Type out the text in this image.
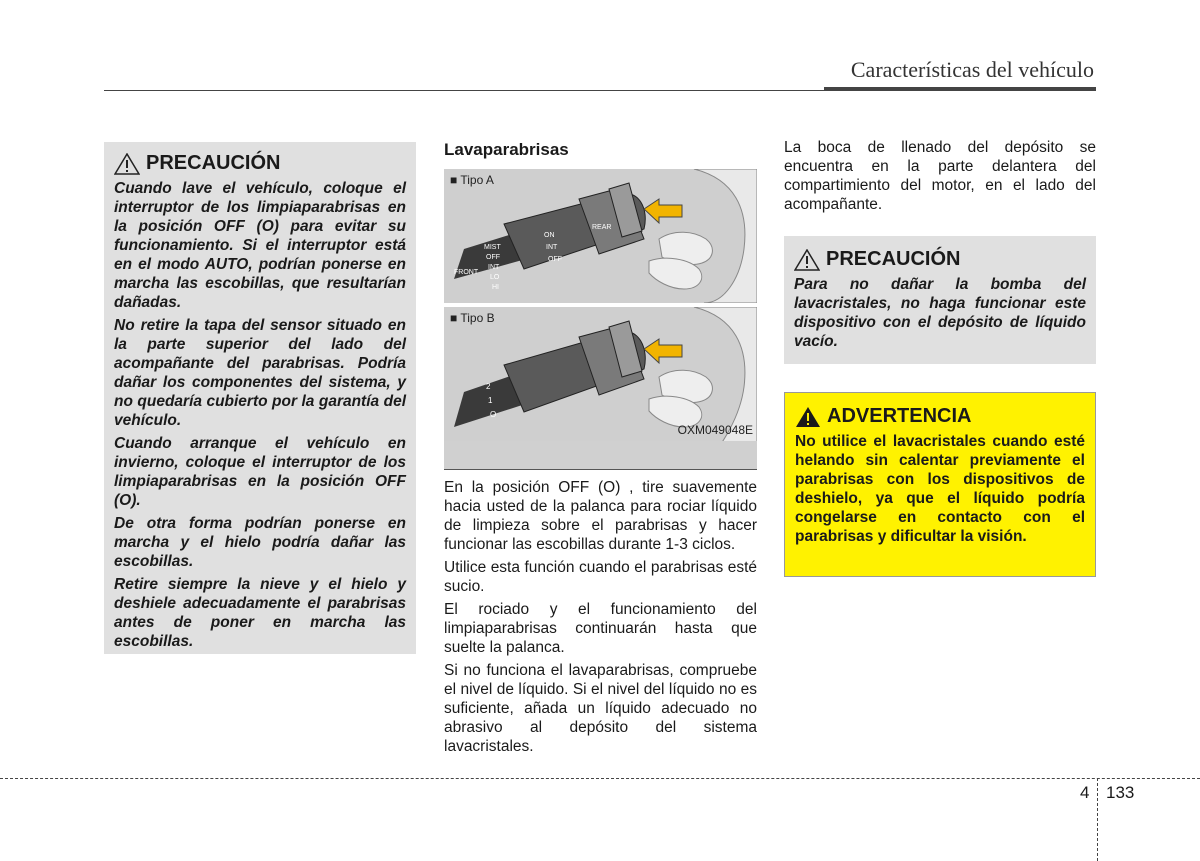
Características del vehículo
PRECAUCIÓN

Cuando lave el vehículo, coloque el interruptor de los limpiaparabrisas en la posición OFF (O) para evitar su funcionamiento. Si el interruptor está en el modo AUTO, podrían ponerse en marcha las escobillas, que resultarían dañadas.

No retire la tapa del sensor situado en la parte superior del lado del acompañante del parabrisas. Podría dañar los componentes del sistema, y no quedaría cubierto por la garantía del vehículo.

Cuando arranque el vehículo en invierno, coloque el interruptor de los limpiaparabrisas en la posición OFF (O).

De otra forma podrían ponerse en marcha y el hielo podría dañar las escobillas.

Retire siempre la nieve y el hielo y deshiele adecuadamente el parabrisas antes de poner en marcha las escobillas.

Lavaparabrisas
■ Tipo A
MIST
OFF
INT
LO
HI
FRONT
ON
INT
OFF
REAR
■ Tipo B
2
1
O
OXM049048E

En la posición OFF (O) , tire suavemente hacia usted de la palanca para rociar líquido de limpieza sobre el parabrisas y hacer funcionar las escobillas durante 1-3 ciclos.

Utilice esta función cuando el parabrisas esté sucio.

El rociado y el funcionamiento del limpiaparabrisas continuarán hasta que suelte la palanca.

Si no funciona el lavaparabrisas, compruebe el nivel de líquido. Si el nivel del líquido no es suficiente, añada un líquido adecuado no abrasivo al depósito del sistema lavacristales.

La boca de llenado del depósito se encuentra en la parte delantera del compartimiento del motor, en el lado del acompañante.

PRECAUCIÓN

Para no dañar la bomba del lavacristales, no haga funcionar este dispositivo con el depósito de líquido vacío.

ADVERTENCIA

No utilice el lavacristales cuando esté helando sin calentar previamente el parabrisas con los dispositivos de deshielo, ya que el líquido podría congelarse en contacto con el parabrisas y dificultar la visión.

4 133
